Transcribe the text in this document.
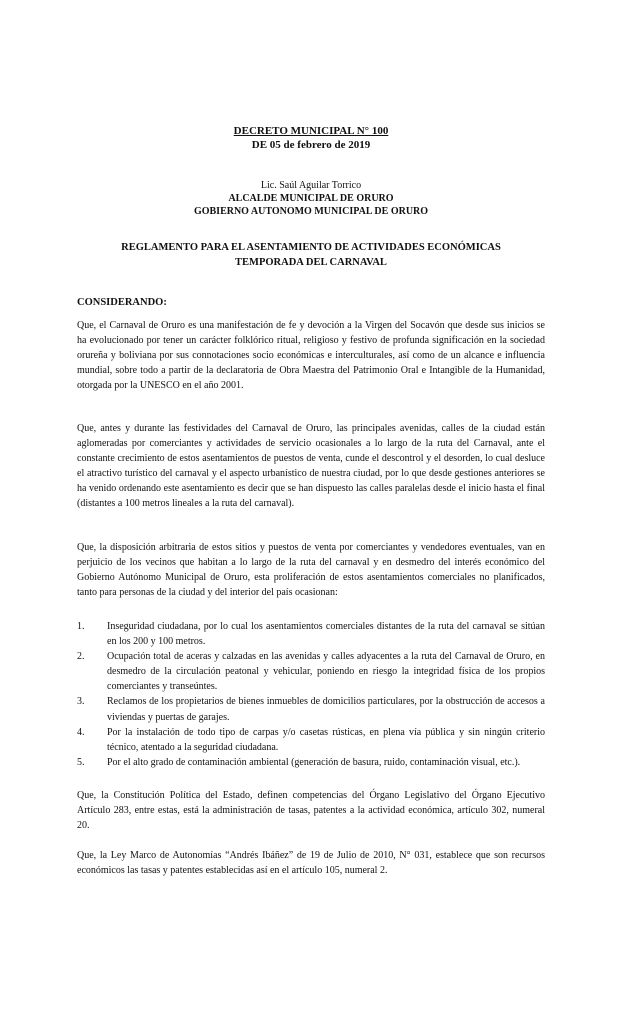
DECRETO MUNICIPAL N° 100
DE 05 de febrero de 2019
Lic. Saúl Aguilar Torrico
ALCALDE MUNICIPAL DE ORURO
GOBIERNO AUTONOMO MUNICIPAL DE ORURO
REGLAMENTO PARA EL ASENTAMIENTO DE ACTIVIDADES ECONÓMICAS
TEMPORADA DEL CARNAVAL
CONSIDERANDO:

Que, el Carnaval de Oruro es una manifestación de fe y devoción a la Virgen del Socavón que desde sus inicios se ha evolucionado por tener un carácter folklórico ritual, religioso y festivo de profunda significación en la sociedad orureña y boliviana por sus connotaciones socio económicas e interculturales, así como de un alcance e influencia mundial, sobre todo a partir de la declaratoria de Obra Maestra del Patrimonio Oral e Intangible de la Humanidad, otorgada por la UNESCO en el año 2001.

Que, antes y durante las festividades del Carnaval de Oruro, las principales avenidas, calles de la ciudad están aglomeradas por comerciantes y actividades de servicio ocasionales a lo largo de la ruta del Carnaval, ante el constante crecimiento de estos asentamientos de puestos de venta, cunde el descontrol y el desorden, lo cual desluce el atractivo turístico del carnaval y el aspecto urbanístico de nuestra ciudad, por lo que desde gestiones anteriores se ha venido ordenando este asentamiento es decir que se han dispuesto las calles paralelas desde el inicio hasta el final (distantes a 100 metros lineales a la ruta del carnaval).

Que, la disposición arbitraria de estos sitios y puestos de venta por comerciantes y vendedores eventuales, van en perjuicio de los vecinos que habitan a lo largo de la ruta del carnaval y en desmedro del interés económico del Gobierno Autónomo Municipal de Oruro, esta proliferación de estos asentamientos comerciales no planificados, tanto para personas de la ciudad y del interior del país ocasionan:

1. Inseguridad ciudadana, por lo cual los asentamientos comerciales distantes de la ruta del carnaval se sitúan en los 200 y 100 metros.
2. Ocupación total de aceras y calzadas en las avenidas y calles adyacentes a la ruta del Carnaval de Oruro, en desmedro de la circulación peatonal y vehicular, poniendo en riesgo la integridad física de los propios comerciantes y transeúntes.
3. Reclamos de los propietarios de bienes inmuebles de domicilios particulares, por la obstrucción de accesos a viviendas y puertas de garajes.
4. Por la instalación de todo tipo de carpas y/o casetas rústicas, en plena vía pública y sin ningún criterio técnico, atentado a la seguridad ciudadana.
5. Por el alto grado de contaminación ambiental (generación de basura, ruido, contaminación visual, etc.).

Que, la Constitución Política del Estado, definen competencias del Órgano Legislativo del Órgano Ejecutivo Artículo 283, entre estas, está la administración de tasas, patentes a la actividad económica, artículo 302, numeral 20.

Que, la Ley Marco de Autonomías “Andrés Ibáñez” de 19 de Julio de 2010, N° 031, establece que son recursos económicos las tasas y patentes establecidas así en el artículo 105, numeral 2.
